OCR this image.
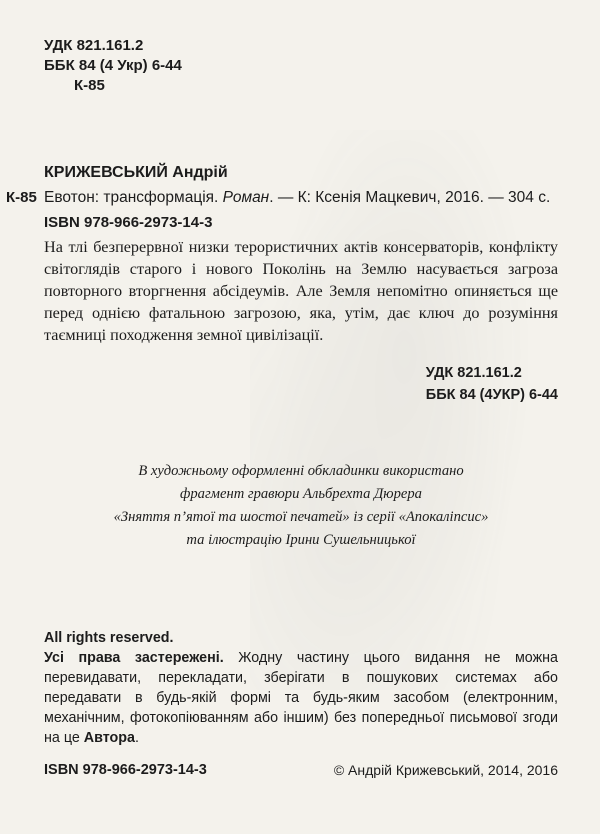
УДК 821.161.2
ББК 84 (4 Укр) 6-44
К-85
КРИЖЕВСЬКИЙ Андрій
К-85 Евотон: трансформація. Роман. — К: Ксенія Мацкевич, 2016. — 304 с.
ISBN 978-966-2973-14-3
На тлі безперервної низки терористичних актів консерваторів, конфлікту світоглядів старого і нового Поколінь на Землю насувається загроза повторного вторгнення абсідеумів. Але Земля непомітно опиняється ще перед однією фатальною загрозою, яка, утім, дає ключ до розуміння таємниці походження земної цивілізації.
УДК 821.161.2
ББК 84 (4УКР) 6-44
В художньому оформленні обкладинки використано
фрагмент гравюри Альбрехта Дюрера
«Зняття п’ятої та шостої печатей» із серії «Апокаліпсис»
та ілюстрацію Ірини Сушельницької
All rights reserved.
Усі права застережені. Жодну частину цього видання не можна перевидавати, перекладати, зберігати в пошукових системах або передавати в будь-якій формі та будь-яким засобом (електронним, механічним, фотокопіюванням або іншим) без попередньої письмової згоди на це Автора.
ISBN 978-966-2973-14-3	© Андрій Крижевський, 2014, 2016
